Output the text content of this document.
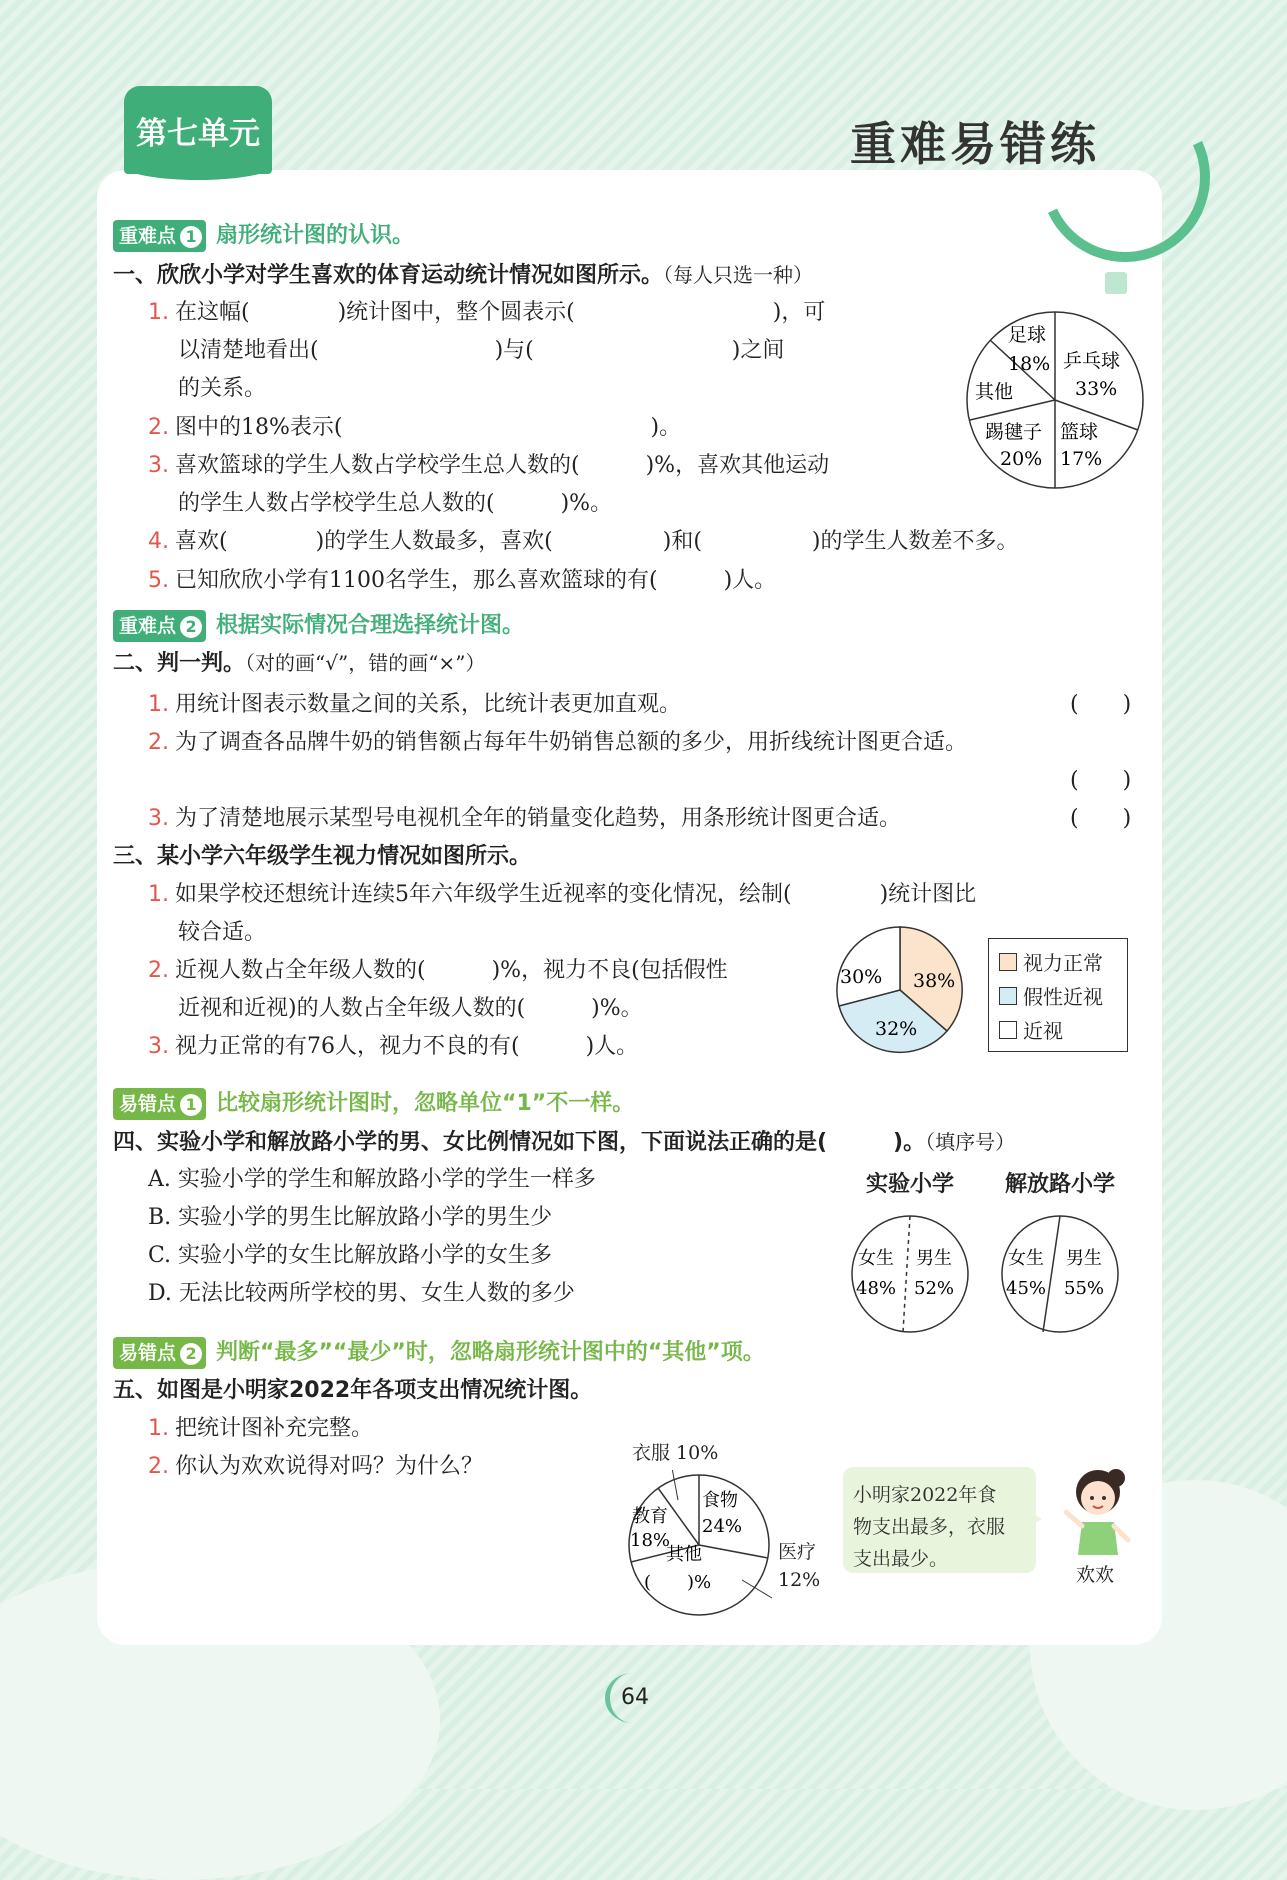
第七单元	重难易错练
重难点 1 扇形统计图的认识。
一、欣欣小学对学生喜欢的体育运动统计情况如图所示。（每人只选一种）
1. 在这幅(　　　　)统计图中，整个圆表示(　　　　　　　　　)，可
以清楚地看出(　　　　　　　　)与(　　　　　　　　　)之间
的关系。
2. 图中的18%表示(　　　　　　　　　　　　　　)。
3. 喜欢篮球的学生人数占学校学生总人数的(　　　)%，喜欢其他运动
的学生人数占学校学生总人数的(　　　)%。
4. 喜欢(　　　　)的学生人数最多，喜欢(　　　　　)和(　　　　　)的学生人数差不多。
5. 已知欣欣小学有1100名学生，那么喜欢篮球的有(　　　)人。
足球
18% 乒乓球
33%
其他
踢毽子
20%
篮球
17%
重难点 2 根据实际情况合理选择统计图。
二、判一判。（对的画“√”，错的画“×”）
1. 用统计图表示数量之间的关系，比统计表更加直观。	(　　)
2. 为了调查各品牌牛奶的销售额占每年牛奶销售总额的多少，用折线统计图更合适。
(　　)
3. 为了清楚地展示某型号电视机全年的销量变化趋势，用条形统计图更合适。	(　　)
三、某小学六年级学生视力情况如图所示。
1. 如果学校还想统计连续5年六年级学生近视率的变化情况，绘制(　　　　)统计图比
较合适。
2. 近视人数占全年级人数的(　　　)%，视力不良(包括假性
近视和近视)的人数占全年级人数的(　　　)%。
3. 视力正常的有76人，视力不良的有(　　　)人。
30% 38%
32%
视力正常
假性近视
近视
易错点 1 比较扇形统计图时，忽略单位“1”不一样。
四、实验小学和解放路小学的男、女比例情况如下图，下面说法正确的是(　　　)。（填序号）
A. 实验小学的学生和解放路小学的学生一样多
B. 实验小学的男生比解放路小学的男生少
C. 实验小学的女生比解放路小学的女生多
D. 无法比较两所学校的男、女生人数的多少
实验小学 解放路小学
女生
48%
男生
52%
女生
45%
男生
55%
易错点 2 判断“最多”“最少”时，忽略扇形统计图中的“其他”项。
五、如图是小明家2022年各项支出情况统计图。
1. 把统计图补充完整。
2. 你认为欢欢说得对吗？为什么？
衣服 10%
食物
24%
教育
18%
其他
(　　)%
医疗
12%
小明家2022年食
物支出最多，衣服
支出最少。
欢欢
64
